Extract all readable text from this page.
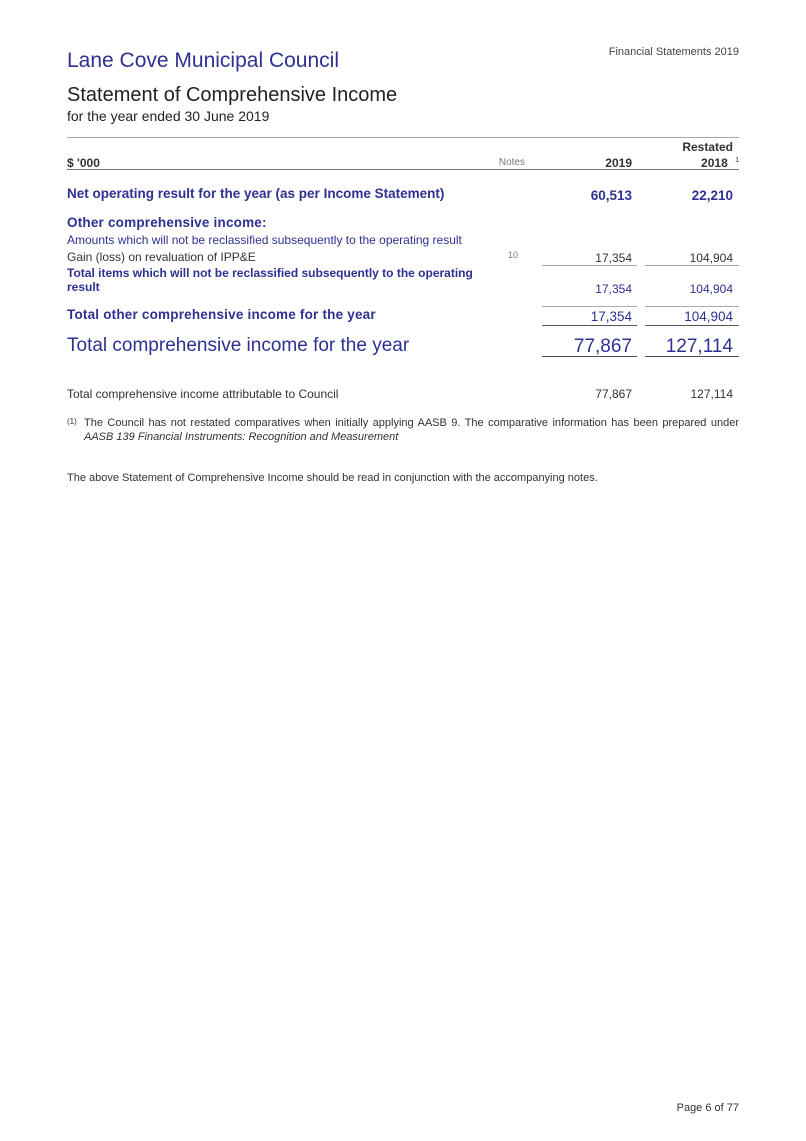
Lane Cove Municipal Council	Financial Statements 2019
Statement of Comprehensive Income
for the year ended 30 June 2019
Restated
$ '000	Notes	2019	2018 $^1$
Net operating result for the year (as per Income Statement)	60,513	22,210
Other comprehensive income:
Amounts which will not be reclassified subsequently to the operating result
Gain (loss) on revaluation of IPP&E	10	17,354	104,904
Total items which will not be reclassified subsequently to the operating
result	17,354	104,904
Total other comprehensive income for the year	17,354	104,904
Total comprehensive income for the year	77,867	127,114
Total comprehensive income attributable to Council	77,867	127,114
(1) The Council has not restated comparatives when initially applying AASB 9. The comparative information has been prepared under
AASB 139 Financial Instruments: Recognition and Measurement
The above Statement of Comprehensive Income should be read in conjunction with the accompanying notes.
Page 6 of 77
